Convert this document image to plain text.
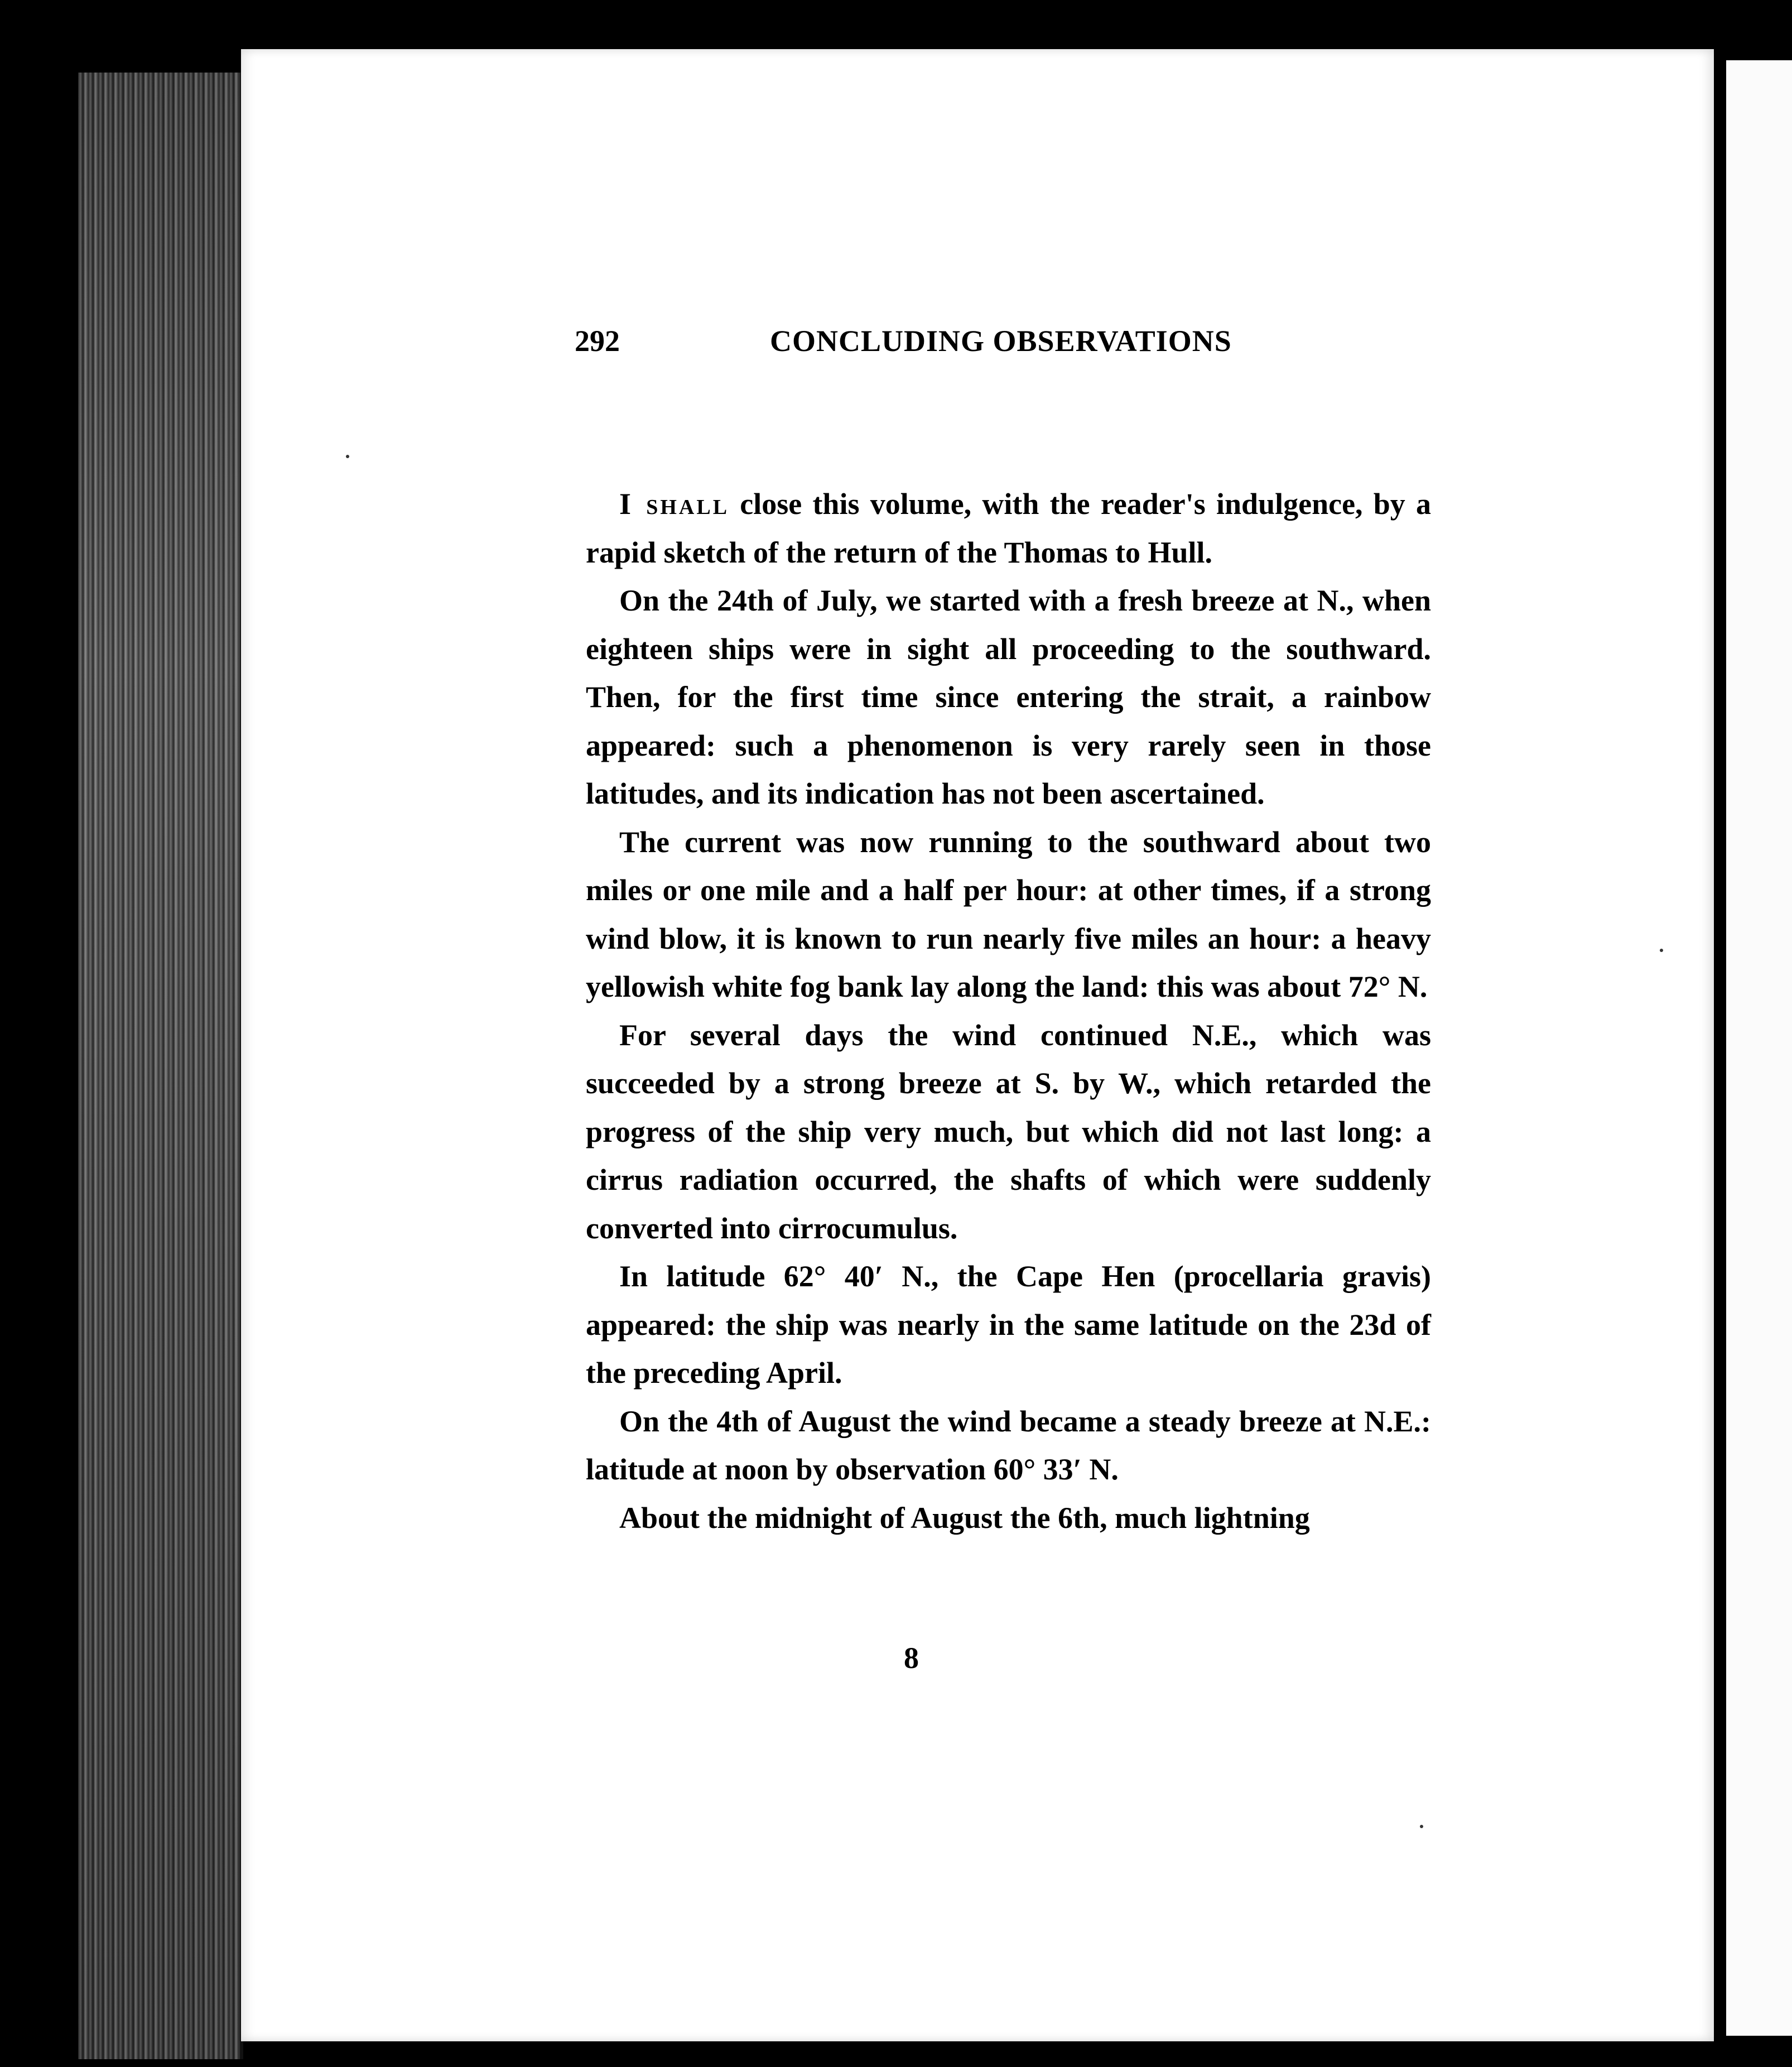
292	CONCLUDING OBSERVATIONS

I shall close this volume, with the reader's indulgence, by a rapid sketch of the return of the Thomas to Hull.

On the 24th of July, we started with a fresh breeze at N., when eighteen ships were in sight all proceeding to the southward. Then, for the first time since entering the strait, a rainbow appeared: such a phenomenon is very rarely seen in those latitudes, and its indication has not been ascertained.

The current was now running to the southward about two miles or one mile and a half per hour: at other times, if a strong wind blow, it is known to run nearly five miles an hour: a heavy yellowish white fog bank lay along the land: this was about 72° N.

For several days the wind continued N.E., which was succeeded by a strong breeze at S. by W., which retarded the progress of the ship very much, but which did not last long: a cirrus radiation occurred, the shafts of which were suddenly converted into cirrocumulus.

In latitude 62° 40′ N., the Cape Hen (procellaria gravis) appeared: the ship was nearly in the same latitude on the 23d of the preceding April.

On the 4th of August the wind became a steady breeze at N.E.: latitude at noon by observation 60° 33′ N.

About the midnight of August the 6th, much lightning

8
